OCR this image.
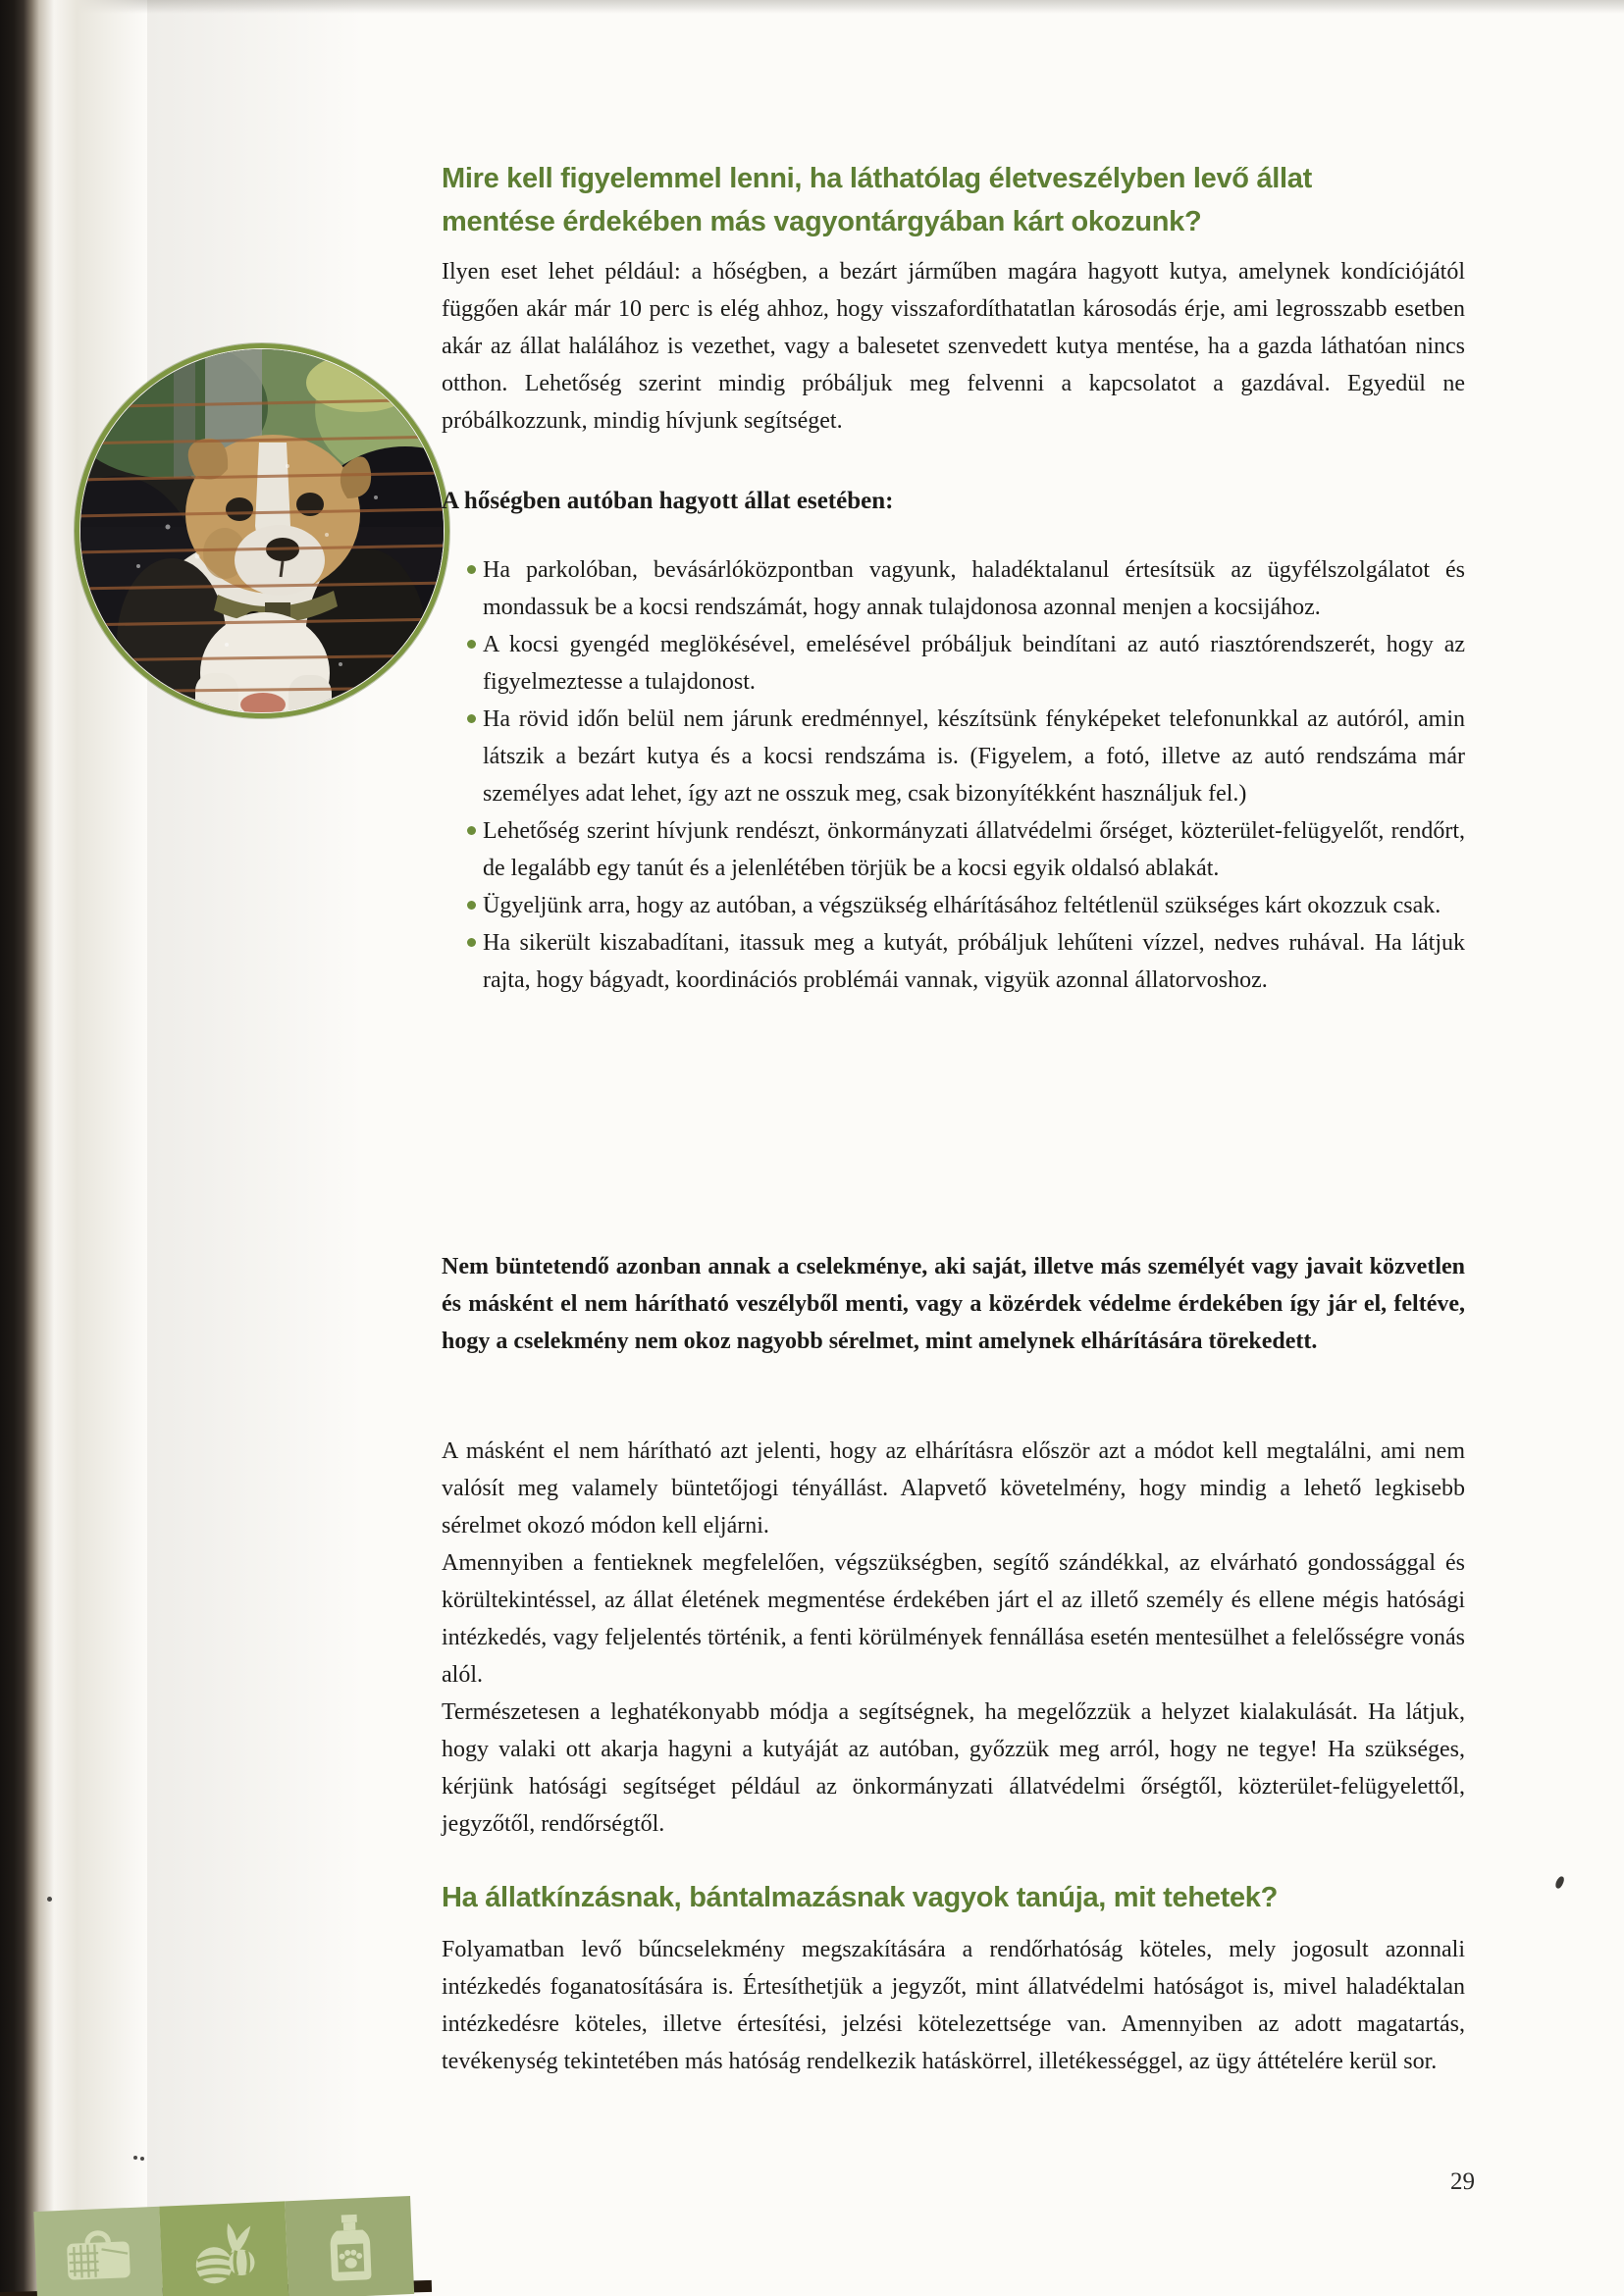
Mire kell figyelemmel lenni, ha láthatólag életveszélyben levő állat
mentése érdekében más vagyontárgyában kárt okozunk?

Ilyen eset lehet például: a hőségben, a bezárt járműben magára hagyott kutya, amelynek kondíciójától függően akár már 10 perc is elég ahhoz, hogy visszafordíthatatlan károsodás érje, ami legrosszabb esetben akár az állat halálához is vezethet, vagy a balesetet szenvedett kutya mentése, ha a gazda láthatóan nincs otthon. Lehetőség szerint mindig próbáljuk meg felvenni a kapcsolatot a gazdával. Egyedül ne próbálkozzunk, mindig hívjunk segítséget.

A hőségben autóban hagyott állat esetében:
Ha parkolóban, bevásárlóközpontban vagyunk, haladéktalanul értesítsük az ügyfélszolgálatot és mondassuk be a kocsi rendszámát, hogy annak tulajdonosa azonnal menjen a kocsijához.
A kocsi gyengéd meglökésével, emelésével próbáljuk beindítani az autó riasztórendszerét, hogy az figyelmeztesse a tulajdonost.
Ha rövid időn belül nem járunk eredménnyel, készítsünk fényképeket telefonunkkal az autóról, amin látszik a bezárt kutya és a kocsi rendszáma is. (Figyelem, a fotó, illetve az autó rendszáma már személyes adat lehet, így azt ne osszuk meg, csak bizonyítékként használjuk fel.)
Lehetőség szerint hívjunk rendészt, önkormányzati állatvédelmi őrséget, közterület-felügyelőt, rendőrt, de legalább egy tanút és a jelenlétében törjük be a kocsi egyik oldalsó ablakát.
Ügyeljünk arra, hogy az autóban, a végszükség elhárításához feltétlenül szükséges kárt okozzuk csak.
Ha sikerült kiszabadítani, itassuk meg a kutyát, próbáljuk lehűteni vízzel, nedves ruhával. Ha látjuk rajta, hogy bágyadt, koordinációs problémái vannak, vigyük azonnal állatorvoshoz.

Nem büntetendő azonban annak a cselekménye, aki saját, illetve más személyét vagy javait közvetlen és másként el nem hárítható veszélyből menti, vagy a közérdek védelme érdekében így jár el, feltéve, hogy a cselekmény nem okoz nagyobb sérelmet, mint amelynek elhárítására törekedett.

A másként el nem hárítható azt jelenti, hogy az elhárításra először azt a módot kell megtalálni, ami nem valósít meg valamely büntetőjogi tényállást. Alapvető követelmény, hogy mindig a lehető legkisebb sérelmet okozó módon kell eljárni.

Amennyiben a fentieknek megfelelően, végszükségben, segítő szándékkal, az elvárható gondossággal és körültekintéssel, az állat életének megmentése érdekében járt el az illető személy és ellene mégis hatósági intézkedés, vagy feljelentés történik, a fenti körülmények fennállása esetén mentesülhet a felelősségre vonás alól.

Természetesen a leghatékonyabb módja a segítségnek, ha megelőzzük a helyzet kialakulását. Ha látjuk, hogy valaki ott akarja hagyni a kutyáját az autóban, győzzük meg arról, hogy ne tegye! Ha szükséges, kérjünk hatósági segítséget például az önkormányzati állatvédelmi őrségtől, közterület-felügyelettől, jegyzőtől, rendőrségtől.

Ha állatkínzásnak, bántalmazásnak vagyok tanúja, mit tehetek?

Folyamatban levő bűncselekmény megszakítására a rendőrhatóság köteles, mely jogosult azonnali intézkedés foganatosítására is. Értesíthetjük a jegyzőt, mint állatvédelmi hatóságot is, mivel haladéktalan intézkedésre köteles, illetve értesítési, jelzési kötelezettsége van. Amennyiben az adott magatartás, tevékenység tekintetében más hatóság rendelkezik hatáskörrel, illetékességgel, az ügy áttételére kerül sor.

29
